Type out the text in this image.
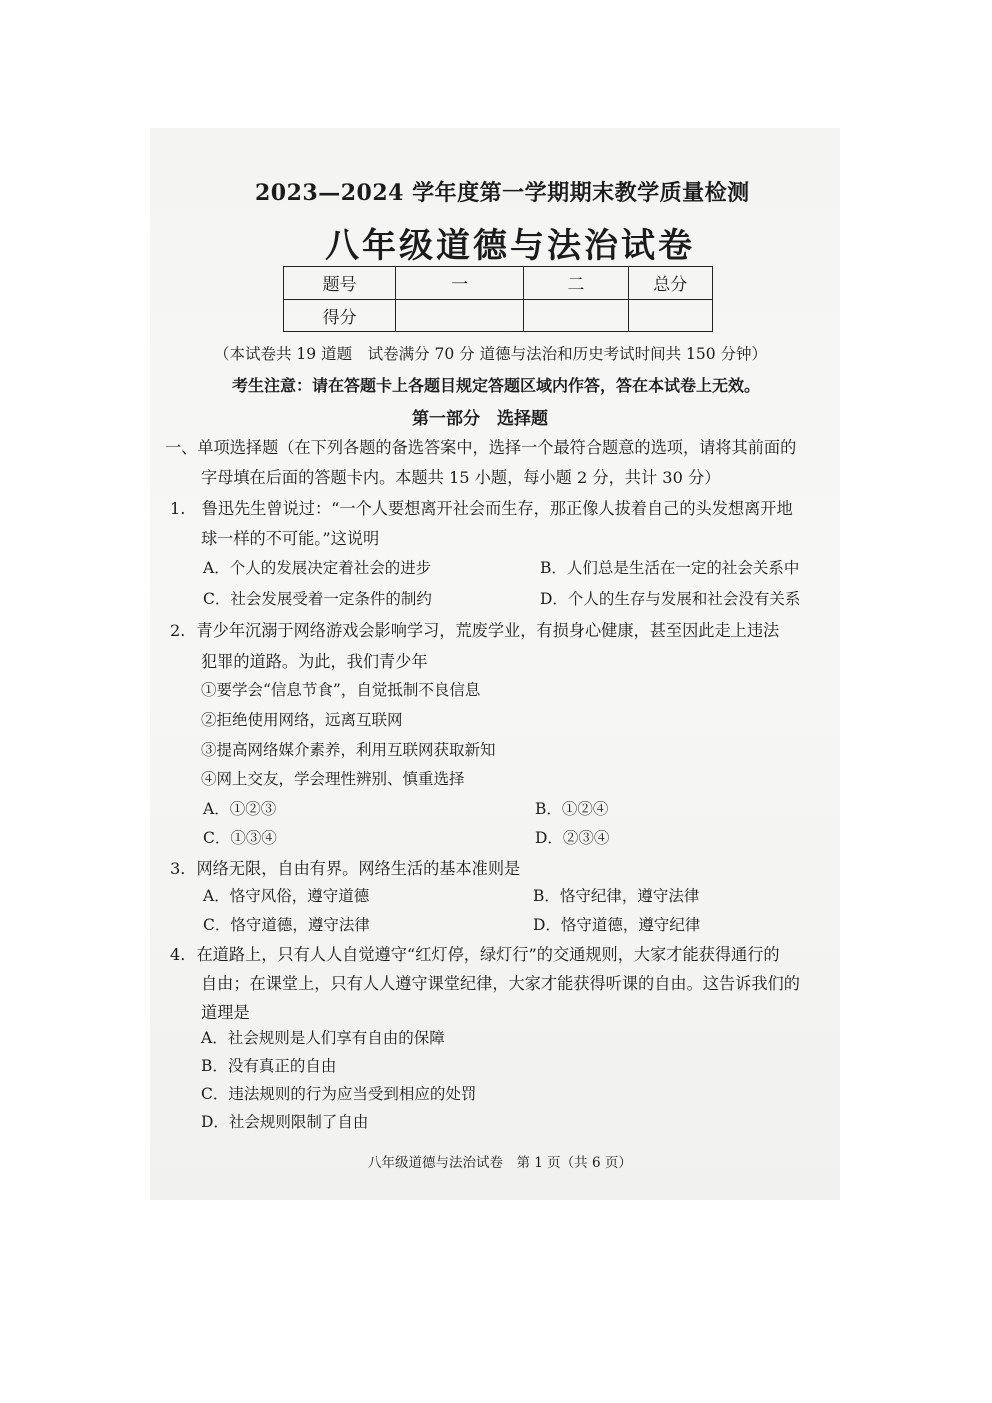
2023—2024 学年度第一学期期末教学质量检测
八年级道德与法治试卷
题号	一	二	总分
得分			
（本试卷共 19 道题　试卷满分 70 分 道德与法治和历史考试时间共 150 分钟）
考生注意：请在答题卡上各题目规定答题区域内作答，答在本试卷上无效。
第一部分　选择题
一、单项选择题（在下列各题的备选答案中，选择一个最符合题意的选项，请将其前面的
字母填在后面的答题卡内。本题共 15 小题，每小题 2 分，共计 30 分）
1.　鲁迅先生曾说过：“一个人要想离开社会而生存，那正像人拔着自己的头发想离开地
球一样的不可能。”这说明
A．个人的发展决定着社会的进步	B．人们总是生活在一定的社会关系中
C．社会发展受着一定条件的制约	D．个人的生存与发展和社会没有关系
2．青少年沉溺于网络游戏会影响学习，荒废学业，有损身心健康，甚至因此走上违法
犯罪的道路。为此，我们青少年
①要学会“信息节食”，自觉抵制不良信息
②拒绝使用网络，远离互联网
③提高网络媒介素养，利用互联网获取新知
④网上交友，学会理性辨别、慎重选择
A．①②③	B．①②④
C．①③④	D．②③④
3．网络无限，自由有界。网络生活的基本准则是
A．恪守风俗，遵守道德	B．恪守纪律，遵守法律
C．恪守道德，遵守法律	D．恪守道德，遵守纪律
4．在道路上，只有人人自觉遵守“红灯停，绿灯行”的交通规则，大家才能获得通行的
自由；在课堂上，只有人人遵守课堂纪律，大家才能获得听课的自由。这告诉我们的
道理是
A．社会规则是人们享有自由的保障
B．没有真正的自由
C．违法规则的行为应当受到相应的处罚
D．社会规则限制了自由
八年级道德与法治试卷　第 1 页（共 6 页）
